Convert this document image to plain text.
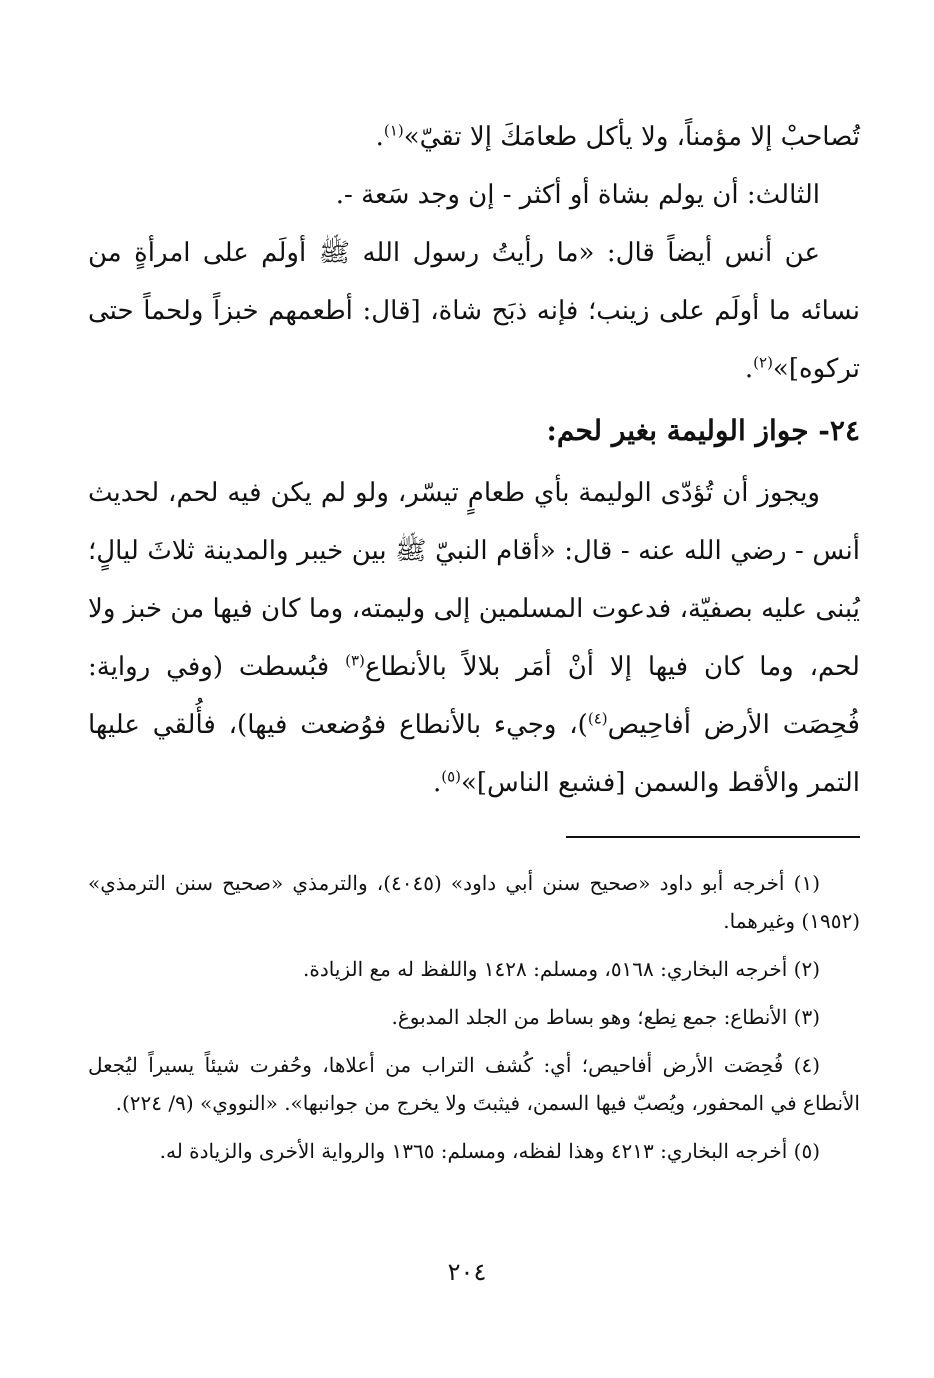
تُصاحبْ إلا مؤمناً، ولا يأكل طعامَكَ إلا تقيّ»$^{(١)}$.

الثالث: أن يولم بشاة أو أكثر - إن وجد سَعة -.

عن أنس أيضاً قال: «ما رأيتُ رسول الله ﷺ أولَم على امرأةٍ من نسائه ما أولَم على زينب؛ فإنه ذبَح شاة، [قال: أطعمهم خبزاً ولحماً حتى تركوه]»$^{(٢)}$.

٢٤- جواز الوليمة بغير لحم:

ويجوز أن تُؤدّى الوليمة بأي طعامٍ تيسّر، ولو لم يكن فيه لحم، لحديث أنس - رضي الله عنه - قال: «أقام النبيّ ﷺ بين خيبر والمدينة ثلاثَ ليالٍ؛ يُبنى عليه بصفيّة، فدعوت المسلمين إلى وليمته، وما كان فيها من خبز ولا لحم، وما كان فيها إلا أنْ أمَر بلالاً بالأنطاع$^{(٣)}$ فبُسطت (وفي رواية: فُحِصَت الأرض أفاحِيص$^{(٤)}$)، وجيء بالأنطاع فوُضعت فيها)، فأُلقي عليها التمر والأقط والسمن [فشبع الناس]»$^{(٥)}$.

(١) أخرجه أبو داود «صحيح سنن أبي داود» (٤٠٤٥)، والترمذي «صحيح سنن الترمذي» (١٩٥٢) وغيرهما.

(٢) أخرجه البخاري: ٥١٦٨، ومسلم: ١٤٢٨ واللفظ له مع الزيادة.

(٣) الأنطاع: جمع نِطع؛ وهو بساط من الجلد المدبوغ.

(٤) فُحِصَت الأرض أفاحيص؛ أي: كُشف التراب من أعلاها، وحُفرت شيئاً يسيراً ليُجعل الأنطاع في المحفور، ويُصبّ فيها السمن، فيثبتَ ولا يخرج من جوانبها». «النووي» (٩/ ٢٢٤).

(٥) أخرجه البخاري: ٤٢١٣ وهذا لفظه، ومسلم: ١٣٦٥ والرواية الأخرى والزيادة له.

٢٠٤
